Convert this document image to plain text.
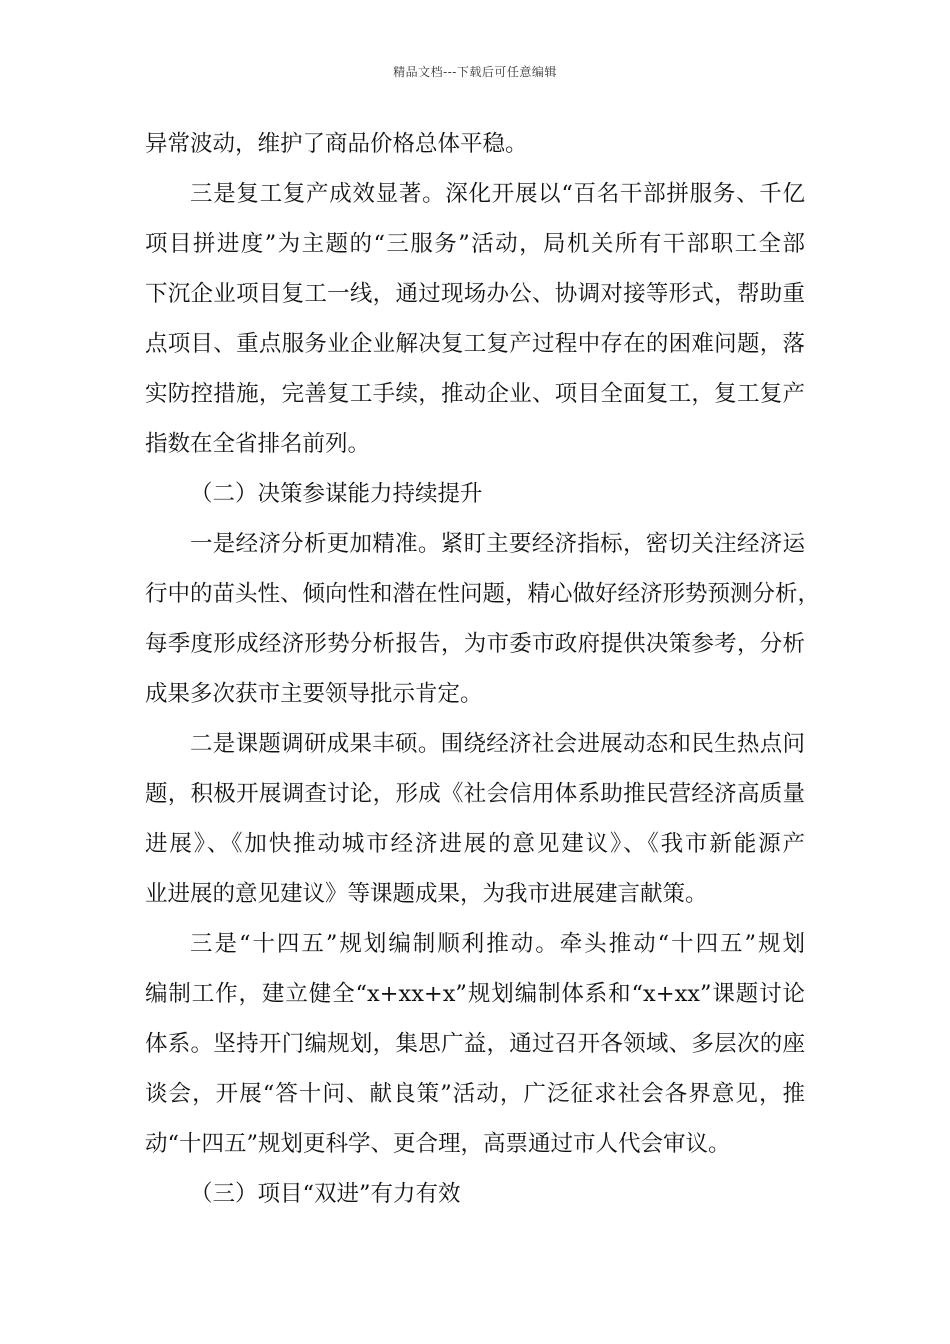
精品文档---下载后可任意编辑
异常波动，维护了商品价格总体平稳。
三是复工复产成效显著。深化开展以“百名干部拼服务、千亿
项目拼进度”为主题的“三服务”活动，局机关所有干部职工全部
下沉企业项目复工一线，通过现场办公、协调对接等形式，帮助重
点项目、重点服务业企业解决复工复产过程中存在的困难问题，落
实防控措施，完善复工手续，推动企业、项目全面复工，复工复产
指数在全省排名前列。
（二）决策参谋能力持续提升
一是经济分析更加精准。紧盯主要经济指标，密切关注经济运
行中的苗头性、倾向性和潜在性问题，精心做好经济形势预测分析，
每季度形成经济形势分析报告，为市委市政府提供决策参考，分析
成果多次获市主要领导批示肯定。
二是课题调研成果丰硕。围绕经济社会进展动态和民生热点问
题，积极开展调查讨论，形成《社会信用体系助推民营经济高质量
进展》、《加快推动城市经济进展的意见建议》、《我市新能源产
业进展的意见建议》等课题成果，为我市进展建言献策。
三是“十四五”规划编制顺利推动。牵头推动“十四五”规划
编制工作，建立健全“x+xx+x”规划编制体系和“x+xx”课题讨论
体系。坚持开门编规划，集思广益，通过召开各领域、多层次的座
谈会，开展“答十问、献良策”活动，广泛征求社会各界意见，推
动“十四五”规划更科学、更合理，高票通过市人代会审议。
（三）项目“双进”有力有效
